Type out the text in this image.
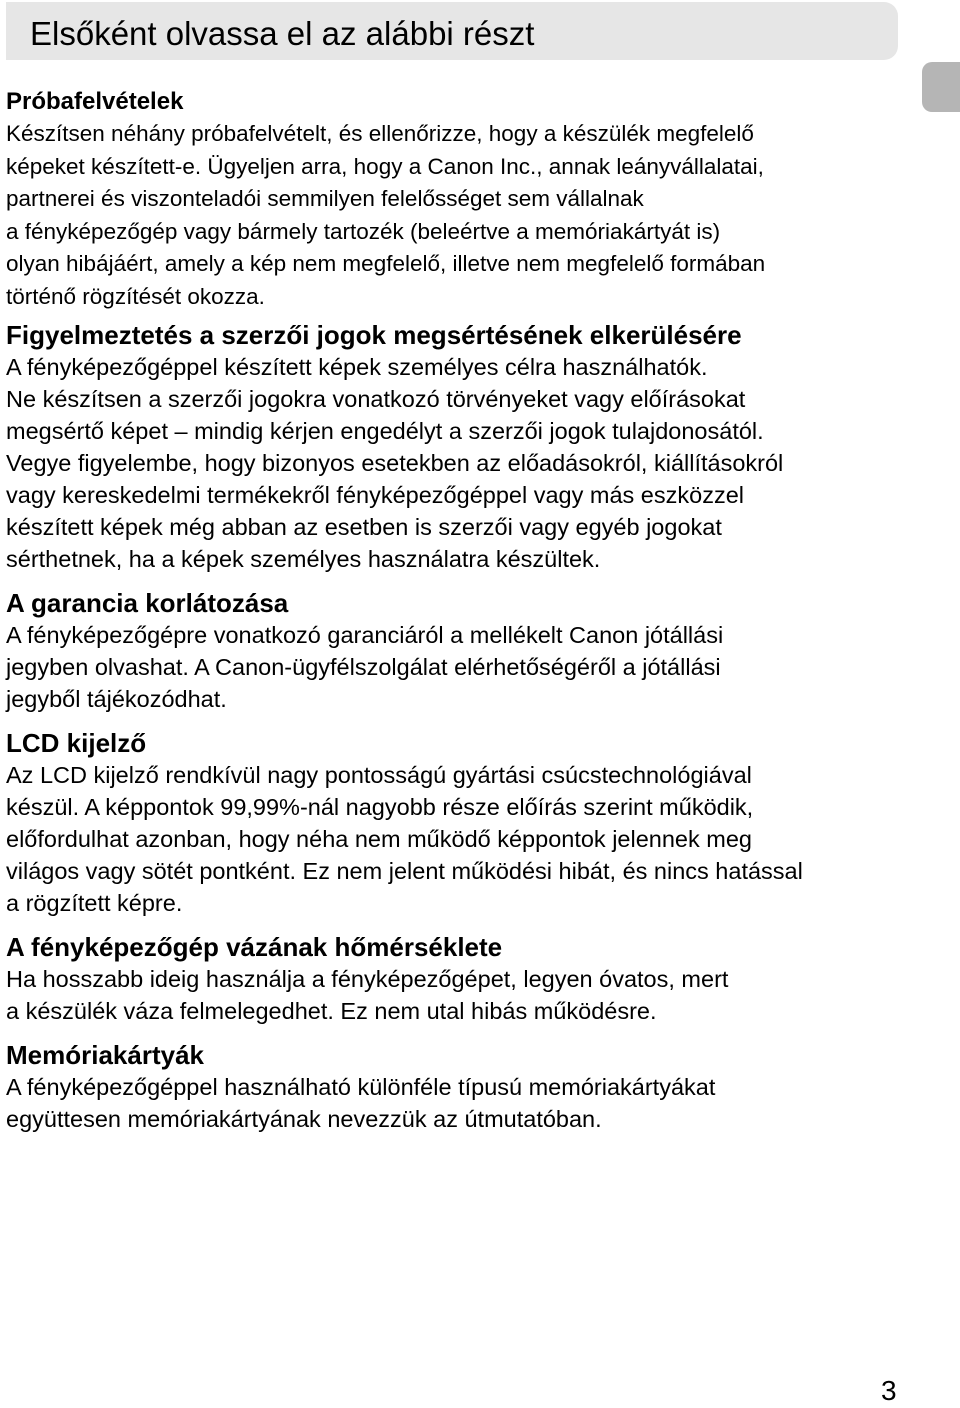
Elsőként olvassa el az alábbi részt
Próbafelvételek

Készítsen néhány próbafelvételt, és ellenőrizze, hogy a készülék megfelelő
képeket készített-e. Ügyeljen arra, hogy a Canon Inc., annak leányvállalatai,
partnerei és viszonteladói semmilyen felelősséget sem vállalnak
a fényképezőgép vagy bármely tartozék (beleértve a memóriakártyát is)
olyan hibájáért, amely a kép nem megfelelő, illetve nem megfelelő formában
történő rögzítését okozza.

Figyelmeztetés a szerzői jogok megsértésének elkerülésére

A fényképezőgéppel készített képek személyes célra használhatók.
Ne készítsen a szerzői jogokra vonatkozó törvényeket vagy előírásokat
megsértő képet – mindig kérjen engedélyt a szerzői jogok tulajdonosától.
Vegye figyelembe, hogy bizonyos esetekben az előadásokról, kiállításokról
vagy kereskedelmi termékekről fényképezőgéppel vagy más eszközzel
készített képek még abban az esetben is szerzői vagy egyéb jogokat
sérthetnek, ha a képek személyes használatra készültek.

A garancia korlátozása

A fényképezőgépre vonatkozó garanciáról a mellékelt Canon jótállási
jegyben olvashat. A Canon-ügyfélszolgálat elérhetőségéről a jótállási
jegyből tájékozódhat.

LCD kijelző

Az LCD kijelző rendkívül nagy pontosságú gyártási csúcstechnológiával
készül. A képpontok 99,99%-nál nagyobb része előírás szerint működik,
előfordulhat azonban, hogy néha nem működő képpontok jelennek meg
világos vagy sötét pontként. Ez nem jelent működési hibát, és nincs hatással
a rögzített képre.

A fényképezőgép vázának hőmérséklete

Ha hosszabb ideig használja a fényképezőgépet, legyen óvatos, mert
a készülék váza felmelegedhet. Ez nem utal hibás működésre.

Memóriakártyák

A fényképezőgéppel használható különféle típusú memóriakártyákat
együttesen memóriakártyának nevezzük az útmutatóban.

3
